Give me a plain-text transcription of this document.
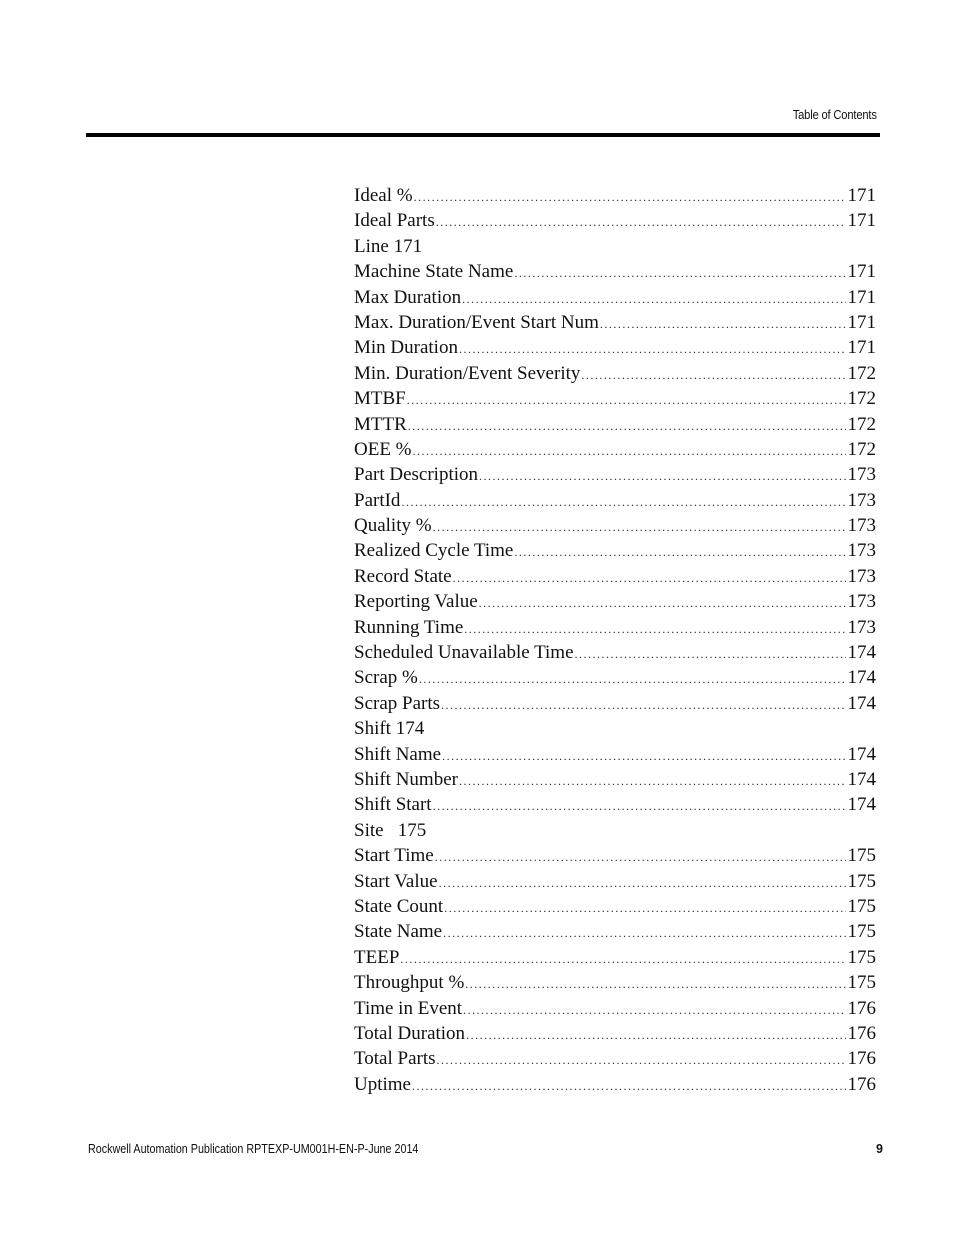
Table of Contents
Ideal % .....	171
Ideal Parts .....	171
Line 171
Machine State Name .....	171
Max Duration .....	171
Max. Duration/Event Start Num .....	171
Min Duration .....	171
Min. Duration/Event Severity .....	172
MTBF .....	172
MTTR .....	172
OEE % .....	172
Part Description .....	173
PartId .....	173
Quality % .....	173
Realized Cycle Time .....	173
Record State .....	173
Reporting Value .....	173
Running Time .....	173
Scheduled Unavailable Time .....	174
Scrap % .....	174
Scrap Parts .....	174
Shift 174
Shift Name .....	174
Shift Number .....	174
Shift Start .....	174
Site   175
Start Time .....	175
Start Value .....	175
State Count .....	175
State Name .....	175
TEEP .....	175
Throughput % .....	175
Time in Event .....	176
Total Duration .....	176
Total Parts .....	176
Uptime .....	176
Rockwell Automation Publication RPTEXP-UM001H-EN-P-June 2014	9
